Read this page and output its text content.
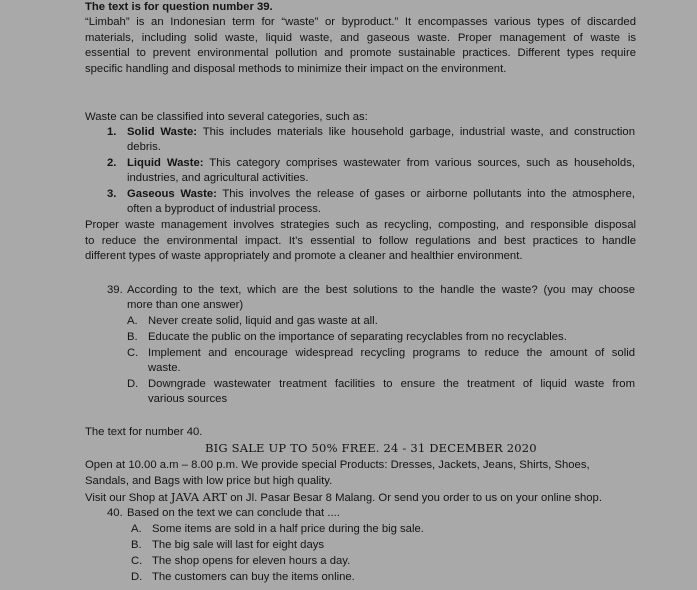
The text is for question number 39.
“Limbah” is an Indonesian term for “waste” or byproduct.” It encompasses various types of discarded
materials, including solid waste, liquid waste, and gaseous waste. Proper management of waste is
essential to prevent environmental pollution and promote sustainable practices. Different types require
specific handling and disposal methods to minimize their impact on the environment.
Waste can be classified into several categories, such as:
1. Solid Waste: This includes materials like household garbage, industrial waste, and construction
debris.
2. Liquid Waste: This category comprises wastewater from various sources, such as households,
industries, and agricultural activities.
3. Gaseous Waste: This involves the release of gases or airborne pollutants into the atmosphere,
often a byproduct of industrial process.
Proper waste management involves strategies such as recycling, composting, and responsible disposal
to reduce the environmental impact. It’s essential to follow regulations and best practices to handle
different types of waste appropriately and promote a cleaner and healthier environment.
39. According to the text, which are the best solutions to the handle the waste? (you may choose
more than one answer)
A. Never create solid, liquid and gas waste at all.
B. Educate the public on the importance of separating recyclables from no recyclables.
C. Implement and encourage widespread recycling programs to reduce the amount of solid
waste.
D. Downgrade wastewater treatment facilities to ensure the treatment of liquid waste from
various sources
The text for number 40.
BIG SALE UP TO 50% FREE. 24 - 31 DECEMBER 2020
Open at 10.00 a.m – 8.00 p.m. We provide special Products: Dresses, Jackets, Jeans, Shirts, Shoes,
Sandals, and Bags with low price but high quality.
Visit our Shop at JAVA ART on Jl. Pasar Besar 8 Malang. Or send you order to us on your online shop.
40. Based on the text we can conclude that ....
A. Some items are sold in a half price during the big sale.
B. The big sale will last for eight days
C. The shop opens for eleven hours a day.
D. The customers can buy the items online.
